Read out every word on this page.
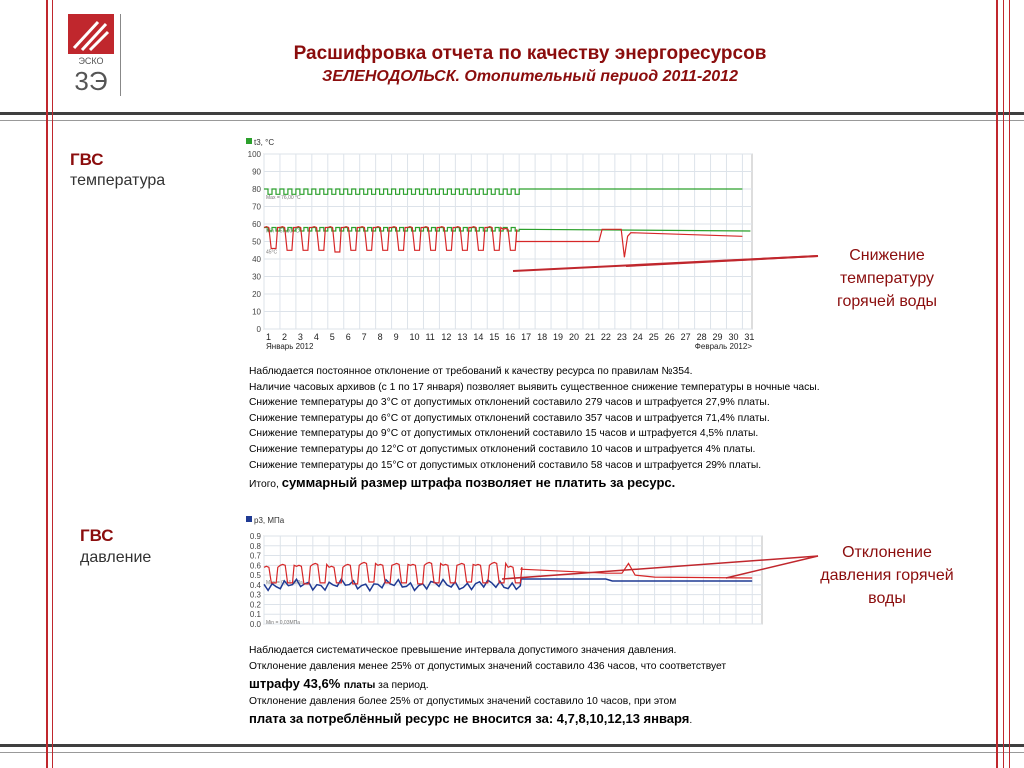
ЭСКО
3Э
Расшифровка отчета по качеству энергоресурсов
ЗЕЛЕНОДОЛЬСК. Отопительный период 2011-2012
ГВС
температура
t3, °C
0
10
20
30
40
50
60
70
80
90
100
1 2 3 4 5 6 7 8 9 10 11 12 13 14 15 16 17 18 19 20 21 22 23 24 25 26 27 28 29 30 31
Январь 2012	Февраль 2012>
Max = 76,00 °C
Min = 57,00 °C
45°C	Снижение температуру горячей воды
Наблюдается постоянное отклонение от требований к качеству ресурса по правилам №354.
Наличие часовых архивов (с 1 по 17 января) позволяет выявить существенное снижение температуры в ночные часы.
Снижение температуры до 3°С от допустимых отклонений составило 279 часов и штрафуется 27,9% платы.
Снижение температуры до 6°С от допустимых отклонений составило 357 часов и штрафуется 71,4% платы.
Снижение температуры до 9°С от допустимых отклонений составило 15 часов и штрафуется 4,5% платы.
Снижение температуры до 12°С от допустимых отклонений составило 10 часов и штрафуется 4% платы.
Снижение температуры до 15°С от допустимых отклонений составило 58 часов и штрафуется 29% платы.
Итого, суммарный размер штрафа позволяет не платить за ресурс.
ГВС
давление
p3, МПа
0.0
0.1
0.2
0.3
0.4
0.5
0.6
0.7
0.8
0.9
Max = 0,44 МПа
Min = 0,03МПа
Отклонение давления горячей воды
Наблюдается систематическое превышение интервала допустимого значения давления.
Отклонение давления менее 25% от допустимых значений составило 436 часов, что соответствует
штрафу 43,6% платы за период.
Отклонение давления более 25% от допустимых значений составило 10 часов, при этом
плата за потреблённый ресурс не вносится за: 4,7,8,10,12,13 января.
